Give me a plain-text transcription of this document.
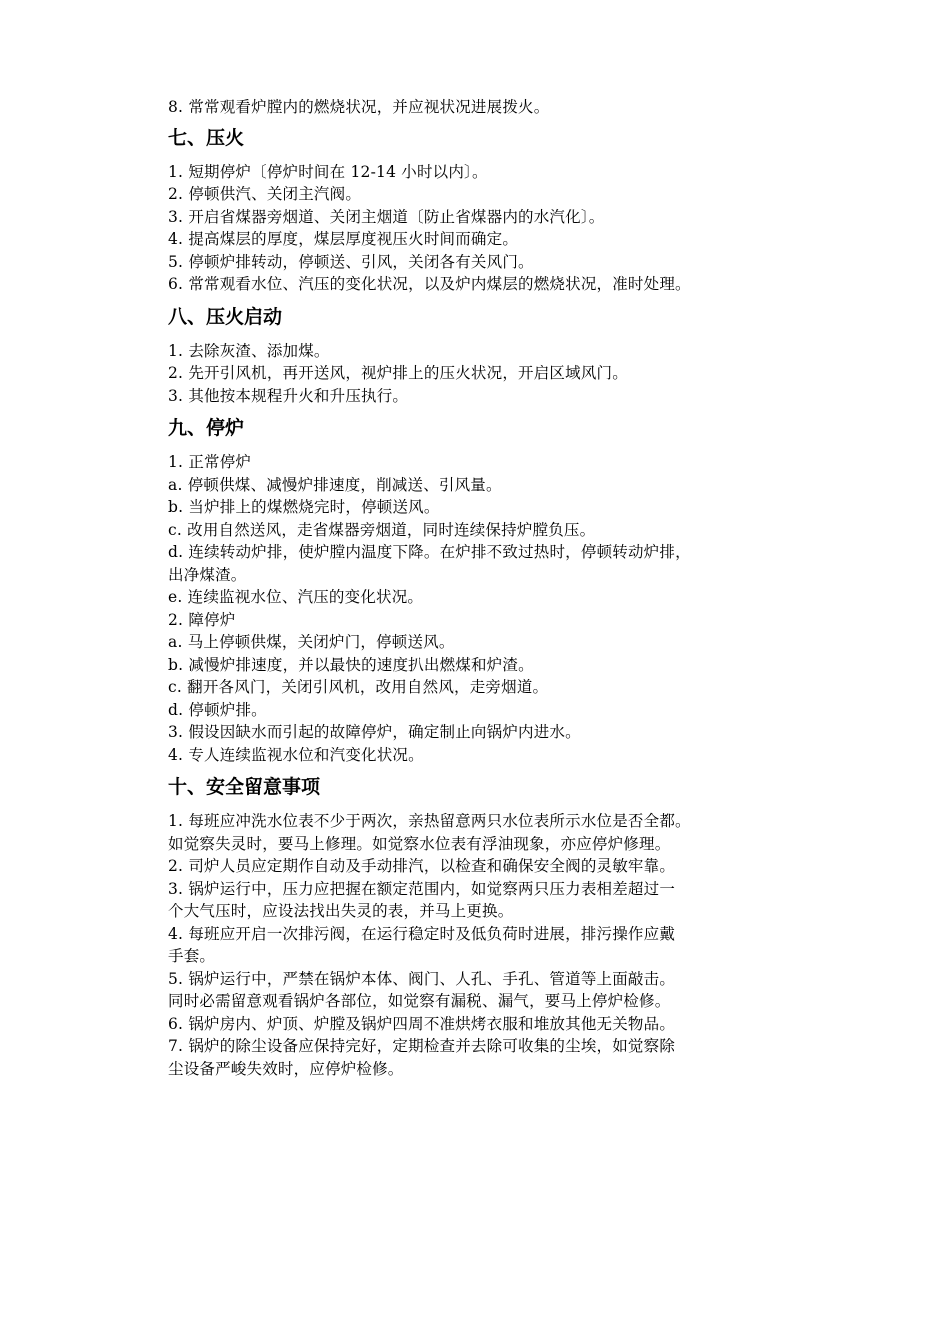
8. 常常观看炉膛内的燃烧状况，并应视状况进展拨火。
七、压火
1. 短期停炉〔停炉时间在 12-14 小时以内〕。
2. 停顿供汽、关闭主汽阀。
3. 开启省煤器旁烟道、关闭主烟道〔防止省煤器内的水汽化〕。
4. 提高煤层的厚度，煤层厚度视压火时间而确定。
5. 停顿炉排转动，停顿送、引风，关闭各有关风门。
6. 常常观看水位、汽压的变化状况，以及炉内煤层的燃烧状况，准时处理。
八、压火启动
1. 去除灰渣、添加煤。
2. 先开引风机，再开送风，视炉排上的压火状况，开启区域风门。
3. 其他按本规程升火和升压执行。
九、停炉
1. 正常停炉
a. 停顿供煤、减慢炉排速度，削减送、引风量。
b. 当炉排上的煤燃烧完时，停顿送风。
c. 改用自然送风，走省煤器旁烟道，同时连续保持炉膛负压。
d. 连续转动炉排，使炉膛内温度下降。在炉排不致过热时，停顿转动炉排，
出净煤渣。
e. 连续监视水位、汽压的变化状况。
2. 障停炉
a. 马上停顿供煤，关闭炉门，停顿送风。
b. 减慢炉排速度，并以最快的速度扒出燃煤和炉渣。
c. 翻开各风门，关闭引风机，改用自然风，走旁烟道。
d. 停顿炉排。
3. 假设因缺水而引起的故障停炉，确定制止向锅炉内进水。
4. 专人连续监视水位和汽变化状况。
十、安全留意事项
1. 每班应冲洗水位表不少于两次，亲热留意两只水位表所示水位是否全都。
如觉察失灵时，要马上修理。如觉察水位表有浮油现象，亦应停炉修理。
2. 司炉人员应定期作自动及手动排汽，以检查和确保安全阀的灵敏牢靠。
3. 锅炉运行中，压力应把握在额定范围内，如觉察两只压力表相差超过一
个大气压时，应设法找出失灵的表，并马上更换。
4. 每班应开启一次排污阀，在运行稳定时及低负荷时进展，排污操作应戴
手套。
5. 锅炉运行中，严禁在锅炉本体、阀门、人孔、手孔、管道等上面敲击。
同时必需留意观看锅炉各部位，如觉察有漏税、漏气，要马上停炉检修。
6. 锅炉房内、炉顶、炉膛及锅炉四周不准烘烤衣服和堆放其他无关物品。
7. 锅炉的除尘设备应保持完好，定期检查并去除可收集的尘埃，如觉察除
尘设备严峻失效时，应停炉检修。
